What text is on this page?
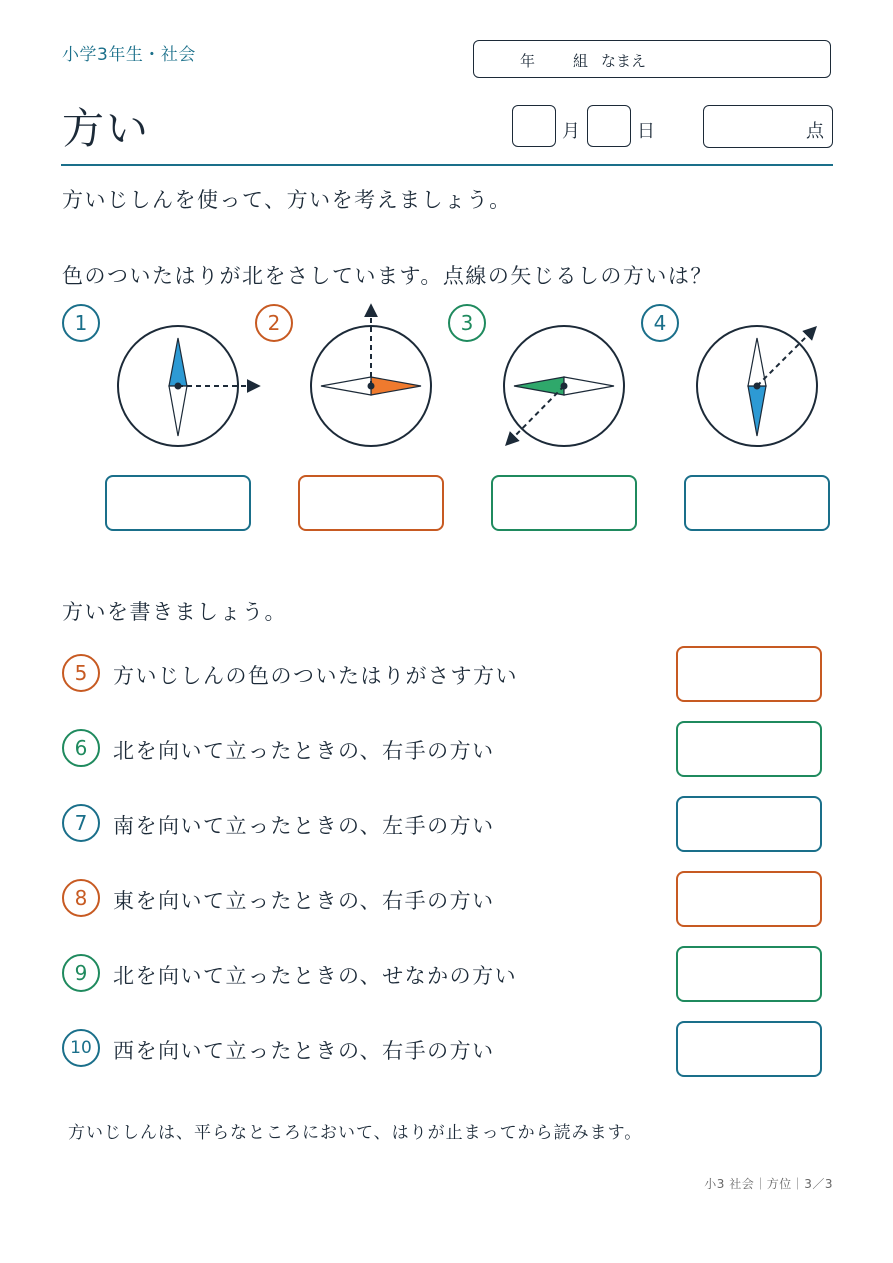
小学3年生・社会	年	組 なまえ
方い	月	日	点
方いじしんを使って、方いを考えましょう。
色のついたはりが北をさしています。点線の矢じるしの方いは？
1	2	3	4
方いを書きましょう。
5	方いじしんの色のついたはりがさす方い
6	北を向いて立ったときの、右手の方い
7	南を向いて立ったときの、左手の方い
8	東を向いて立ったときの、右手の方い
9	北を向いて立ったときの、せなかの方い
10	西を向いて立ったときの、右手の方い
方いじしんは、平らなところにおいて、はりが止まってから読みます。
小3 社会｜方位｜3／3
